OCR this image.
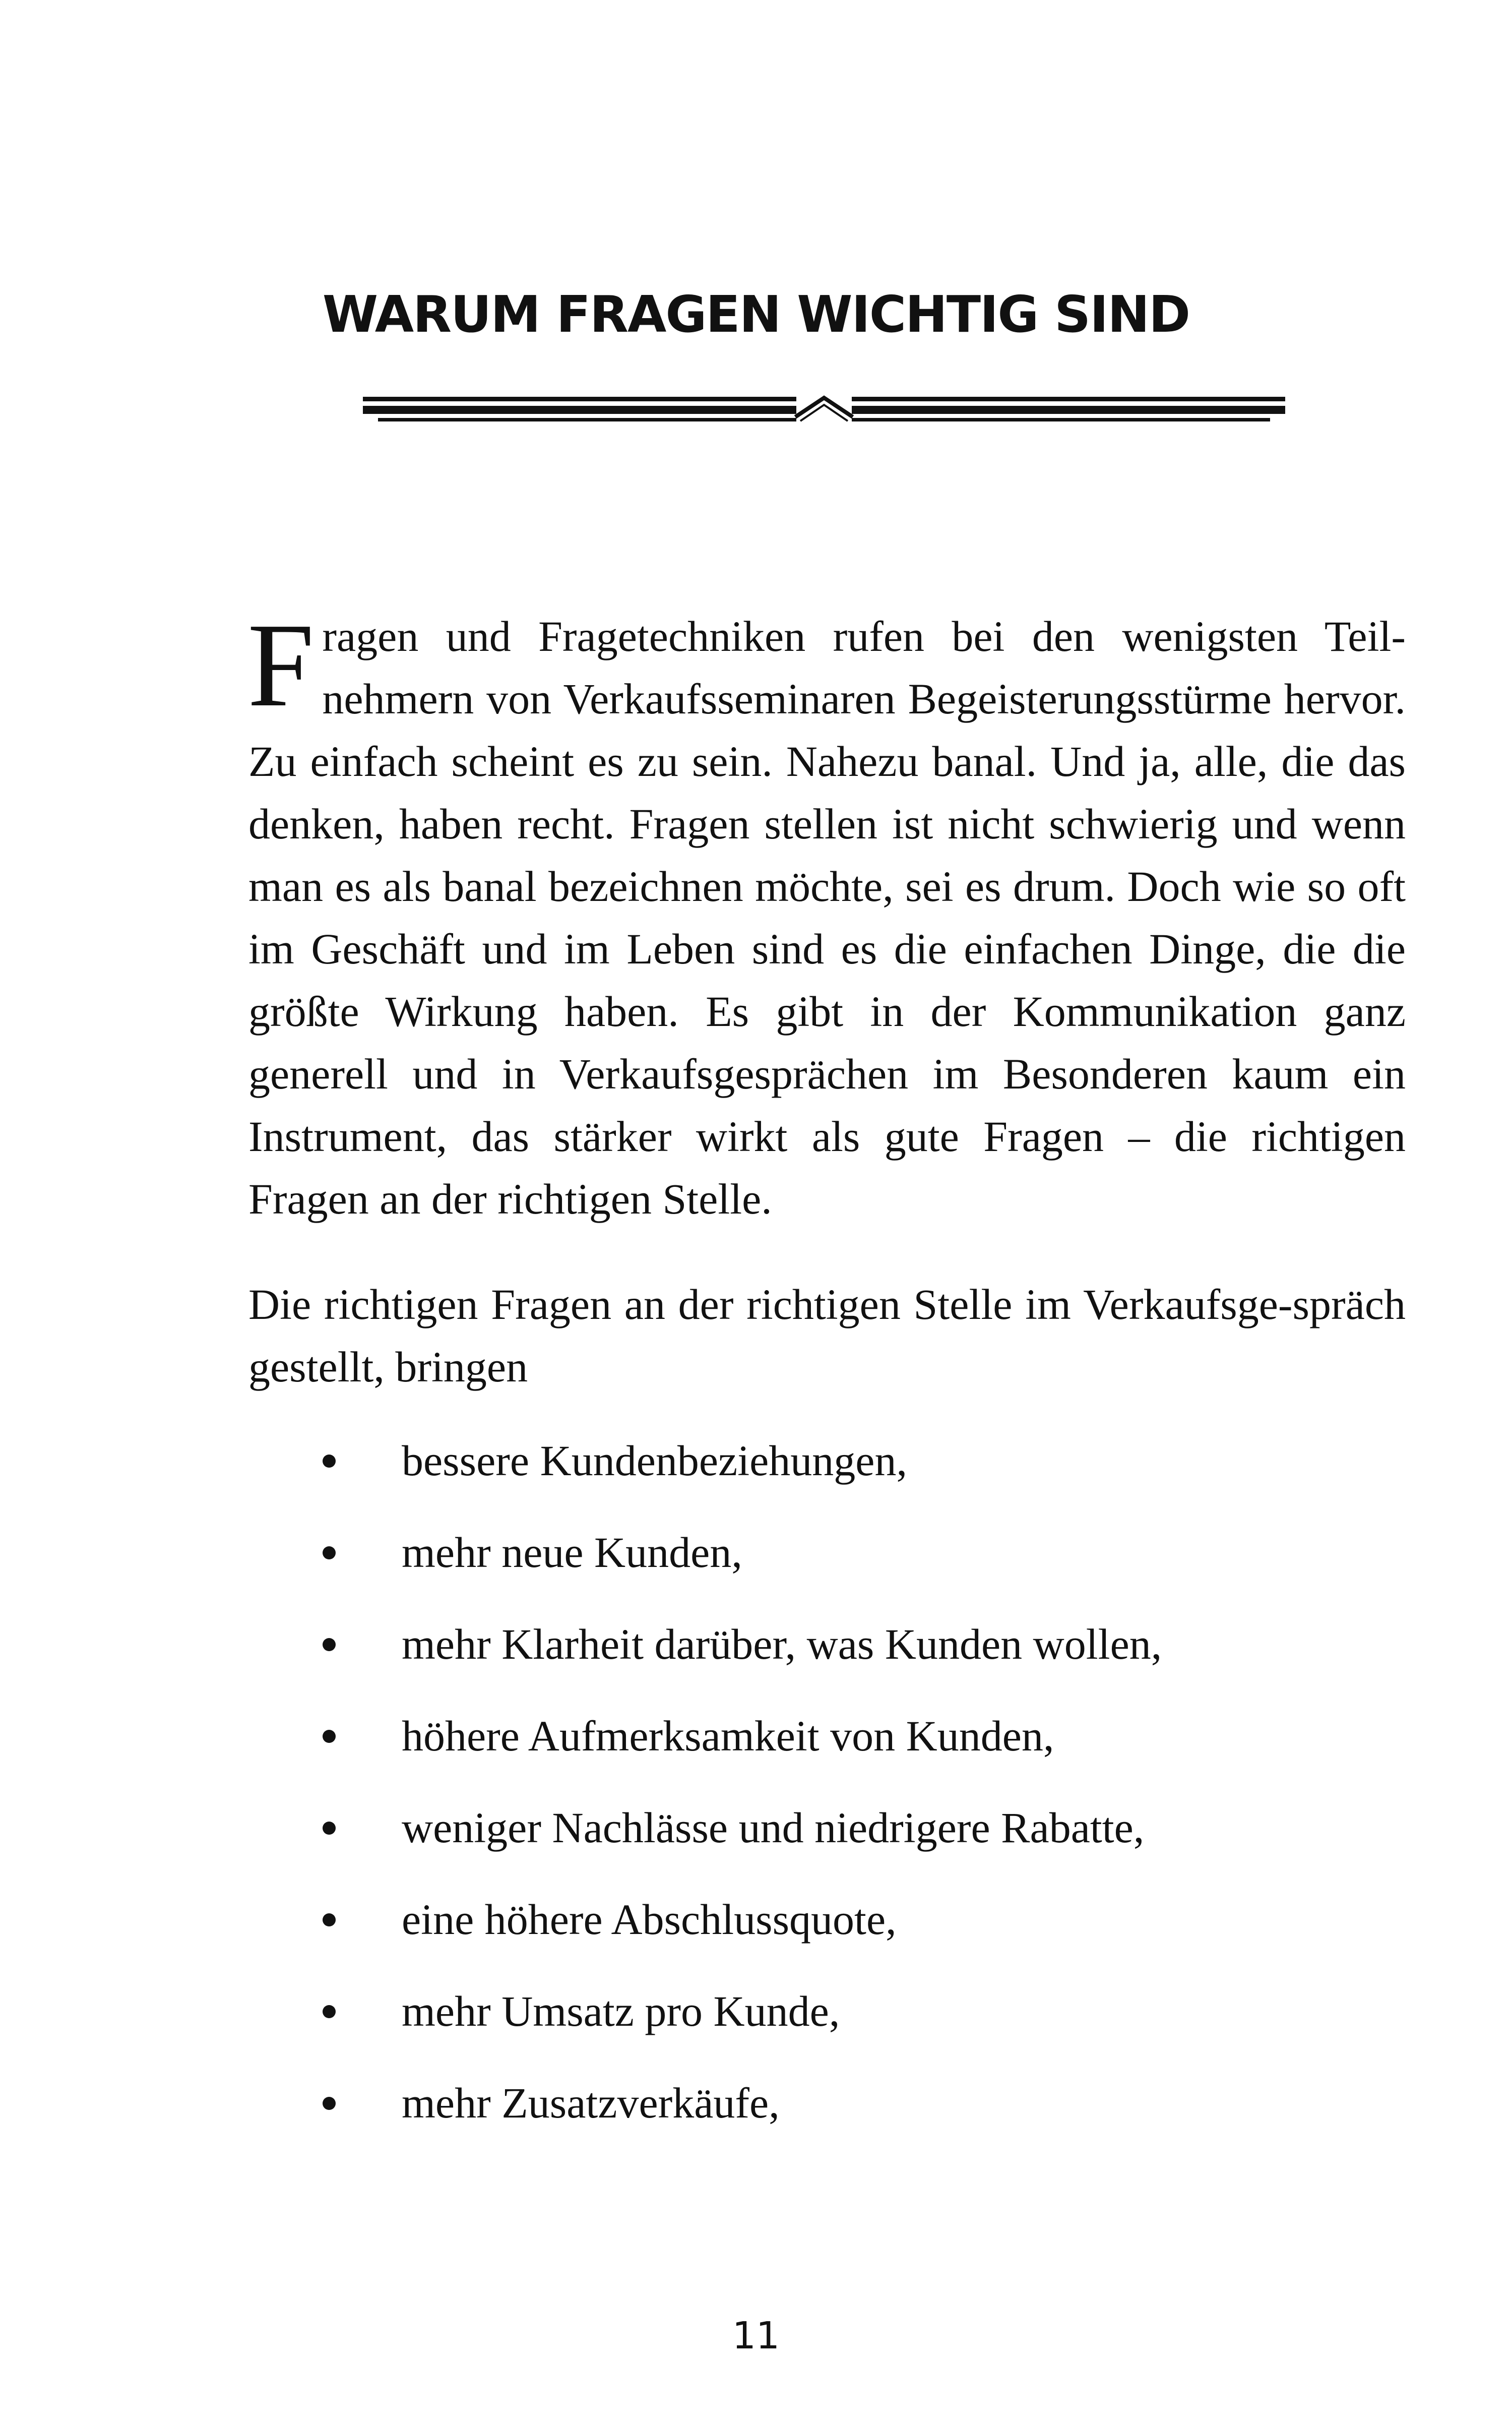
WARUM FRAGEN WICHTIG SIND
Fragen und Fragetechniken rufen bei den wenigsten Teil-nehmern von Verkaufsseminaren Begeisterungsstürme hervor. Zu einfach scheint es zu sein. Nahezu banal. Und ja, alle, die das denken, haben recht. Fragen stellen ist nicht schwierig und wenn man es als banal bezeichnen möchte, sei es drum. Doch wie so oft im Geschäft und im Leben sind es die einfachen Dinge, die die größte Wirkung haben. Es gibt in der Kommunikation ganz generell und in Verkaufsgesprächen im Besonderen kaum ein Instrument, das stärker wirkt als gute Fragen – die richtigen Fragen an der richtigen Stelle.
Die richtigen Fragen an der richtigen Stelle im Verkaufsge-spräch gestellt, bringen
bessere Kundenbeziehungen,
mehr neue Kunden,
mehr Klarheit darüber, was Kunden wollen,
höhere Aufmerksamkeit von Kunden,
weniger Nachlässe und niedrigere Rabatte,
eine höhere Abschlussquote,
mehr Umsatz pro Kunde,
mehr Zusatzverkäufe,
11
